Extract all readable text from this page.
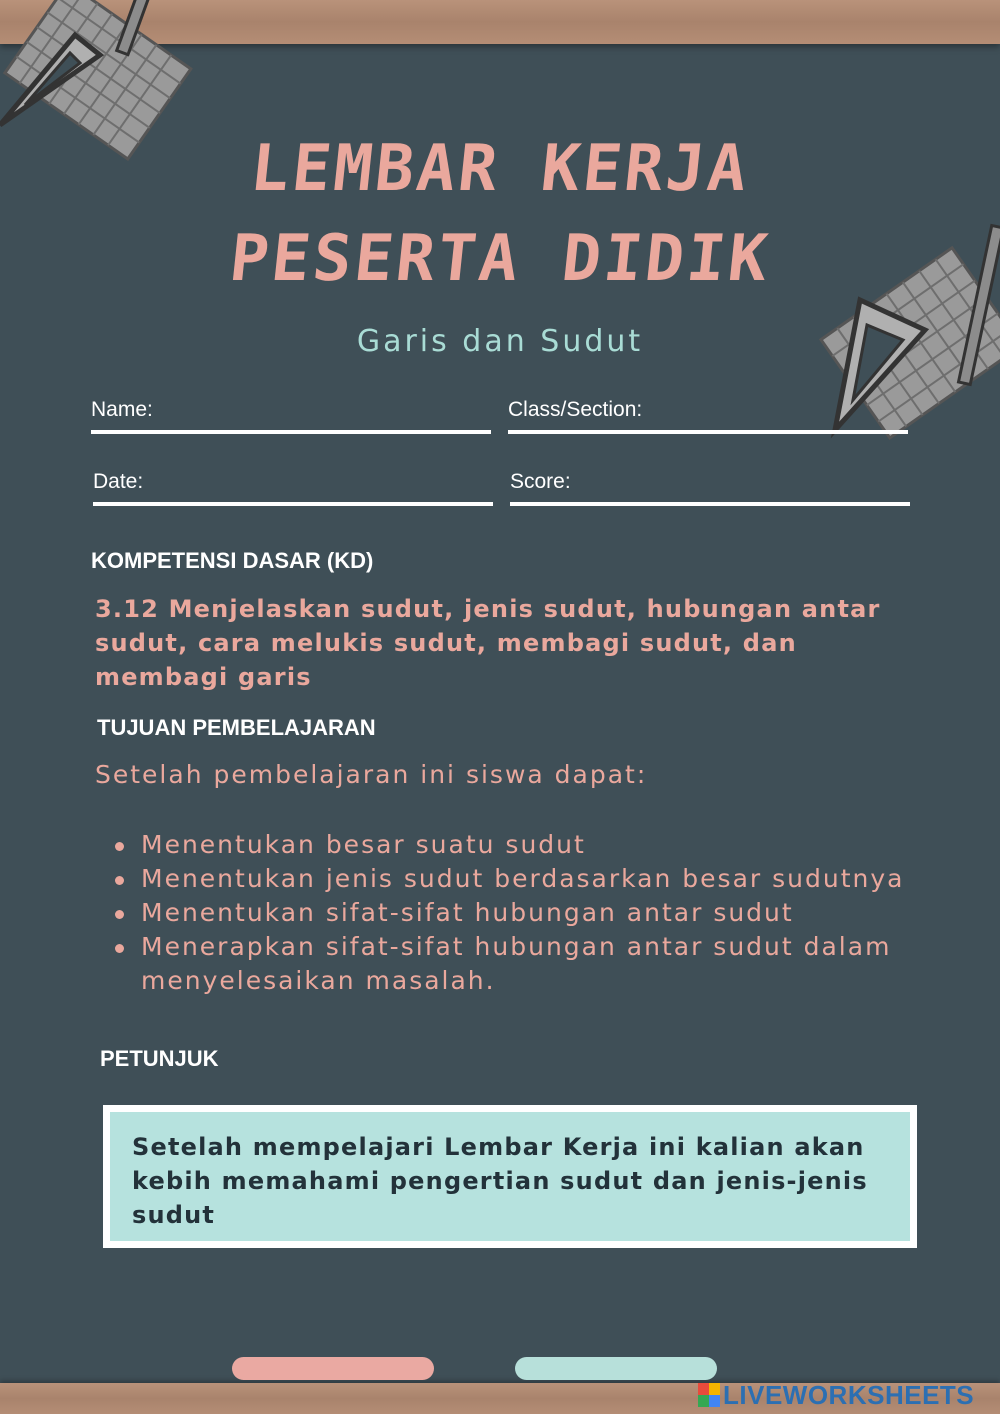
LEMBAR KERJA
PESERTA DIDIK
Garis dan Sudut
Name:	Class/Section:
Date:	Score:
KOMPETENSI DASAR (KD)
3.12 Menjelaskan sudut, jenis sudut, hubungan antar sudut, cara melukis sudut, membagi sudut, dan membagi garis
TUJUAN PEMBELAJARAN
Setelah pembelajaran ini siswa dapat:
Menentukan besar suatu sudut
Menentukan jenis sudut berdasarkan besar sudutnya
Menentukan sifat-sifat hubungan antar sudut
Menerapkan sifat-sifat hubungan antar sudut dalam menyelesaikan masalah.
PETUNJUK
Setelah mempelajari Lembar Kerja ini kalian akan kebih memahami pengertian sudut dan jenis-jenis sudut
LIVEWORKSHEETS
